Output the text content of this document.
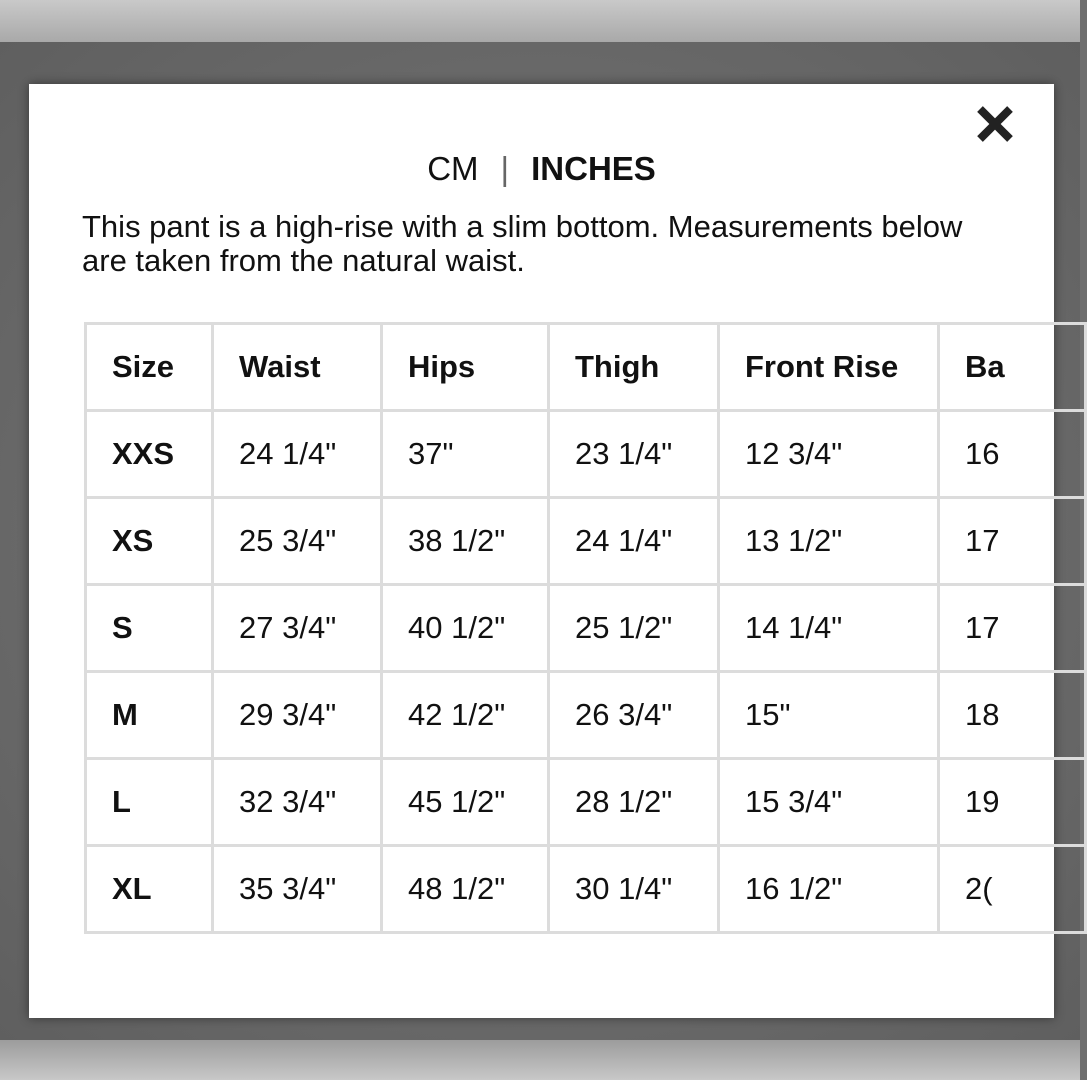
CM | INCHES
This pant is a high-rise with a slim bottom. Measurements below are taken from the natural waist.
Size	Waist	Hips	Thigh	Front Rise	Ba
XXS	24 1/4"	37"	23 1/4"	12 3/4"	16
XS	25 3/4"	38 1/2"	24 1/4"	13 1/2"	17
S	27 3/4"	40 1/2"	25 1/2"	14 1/4"	17
M	29 3/4"	42 1/2"	26 3/4"	15"	18
L	32 3/4"	45 1/2"	28 1/2"	15 3/4"	19
XL	35 3/4"	48 1/2"	30 1/4"	16 1/2"	2(
